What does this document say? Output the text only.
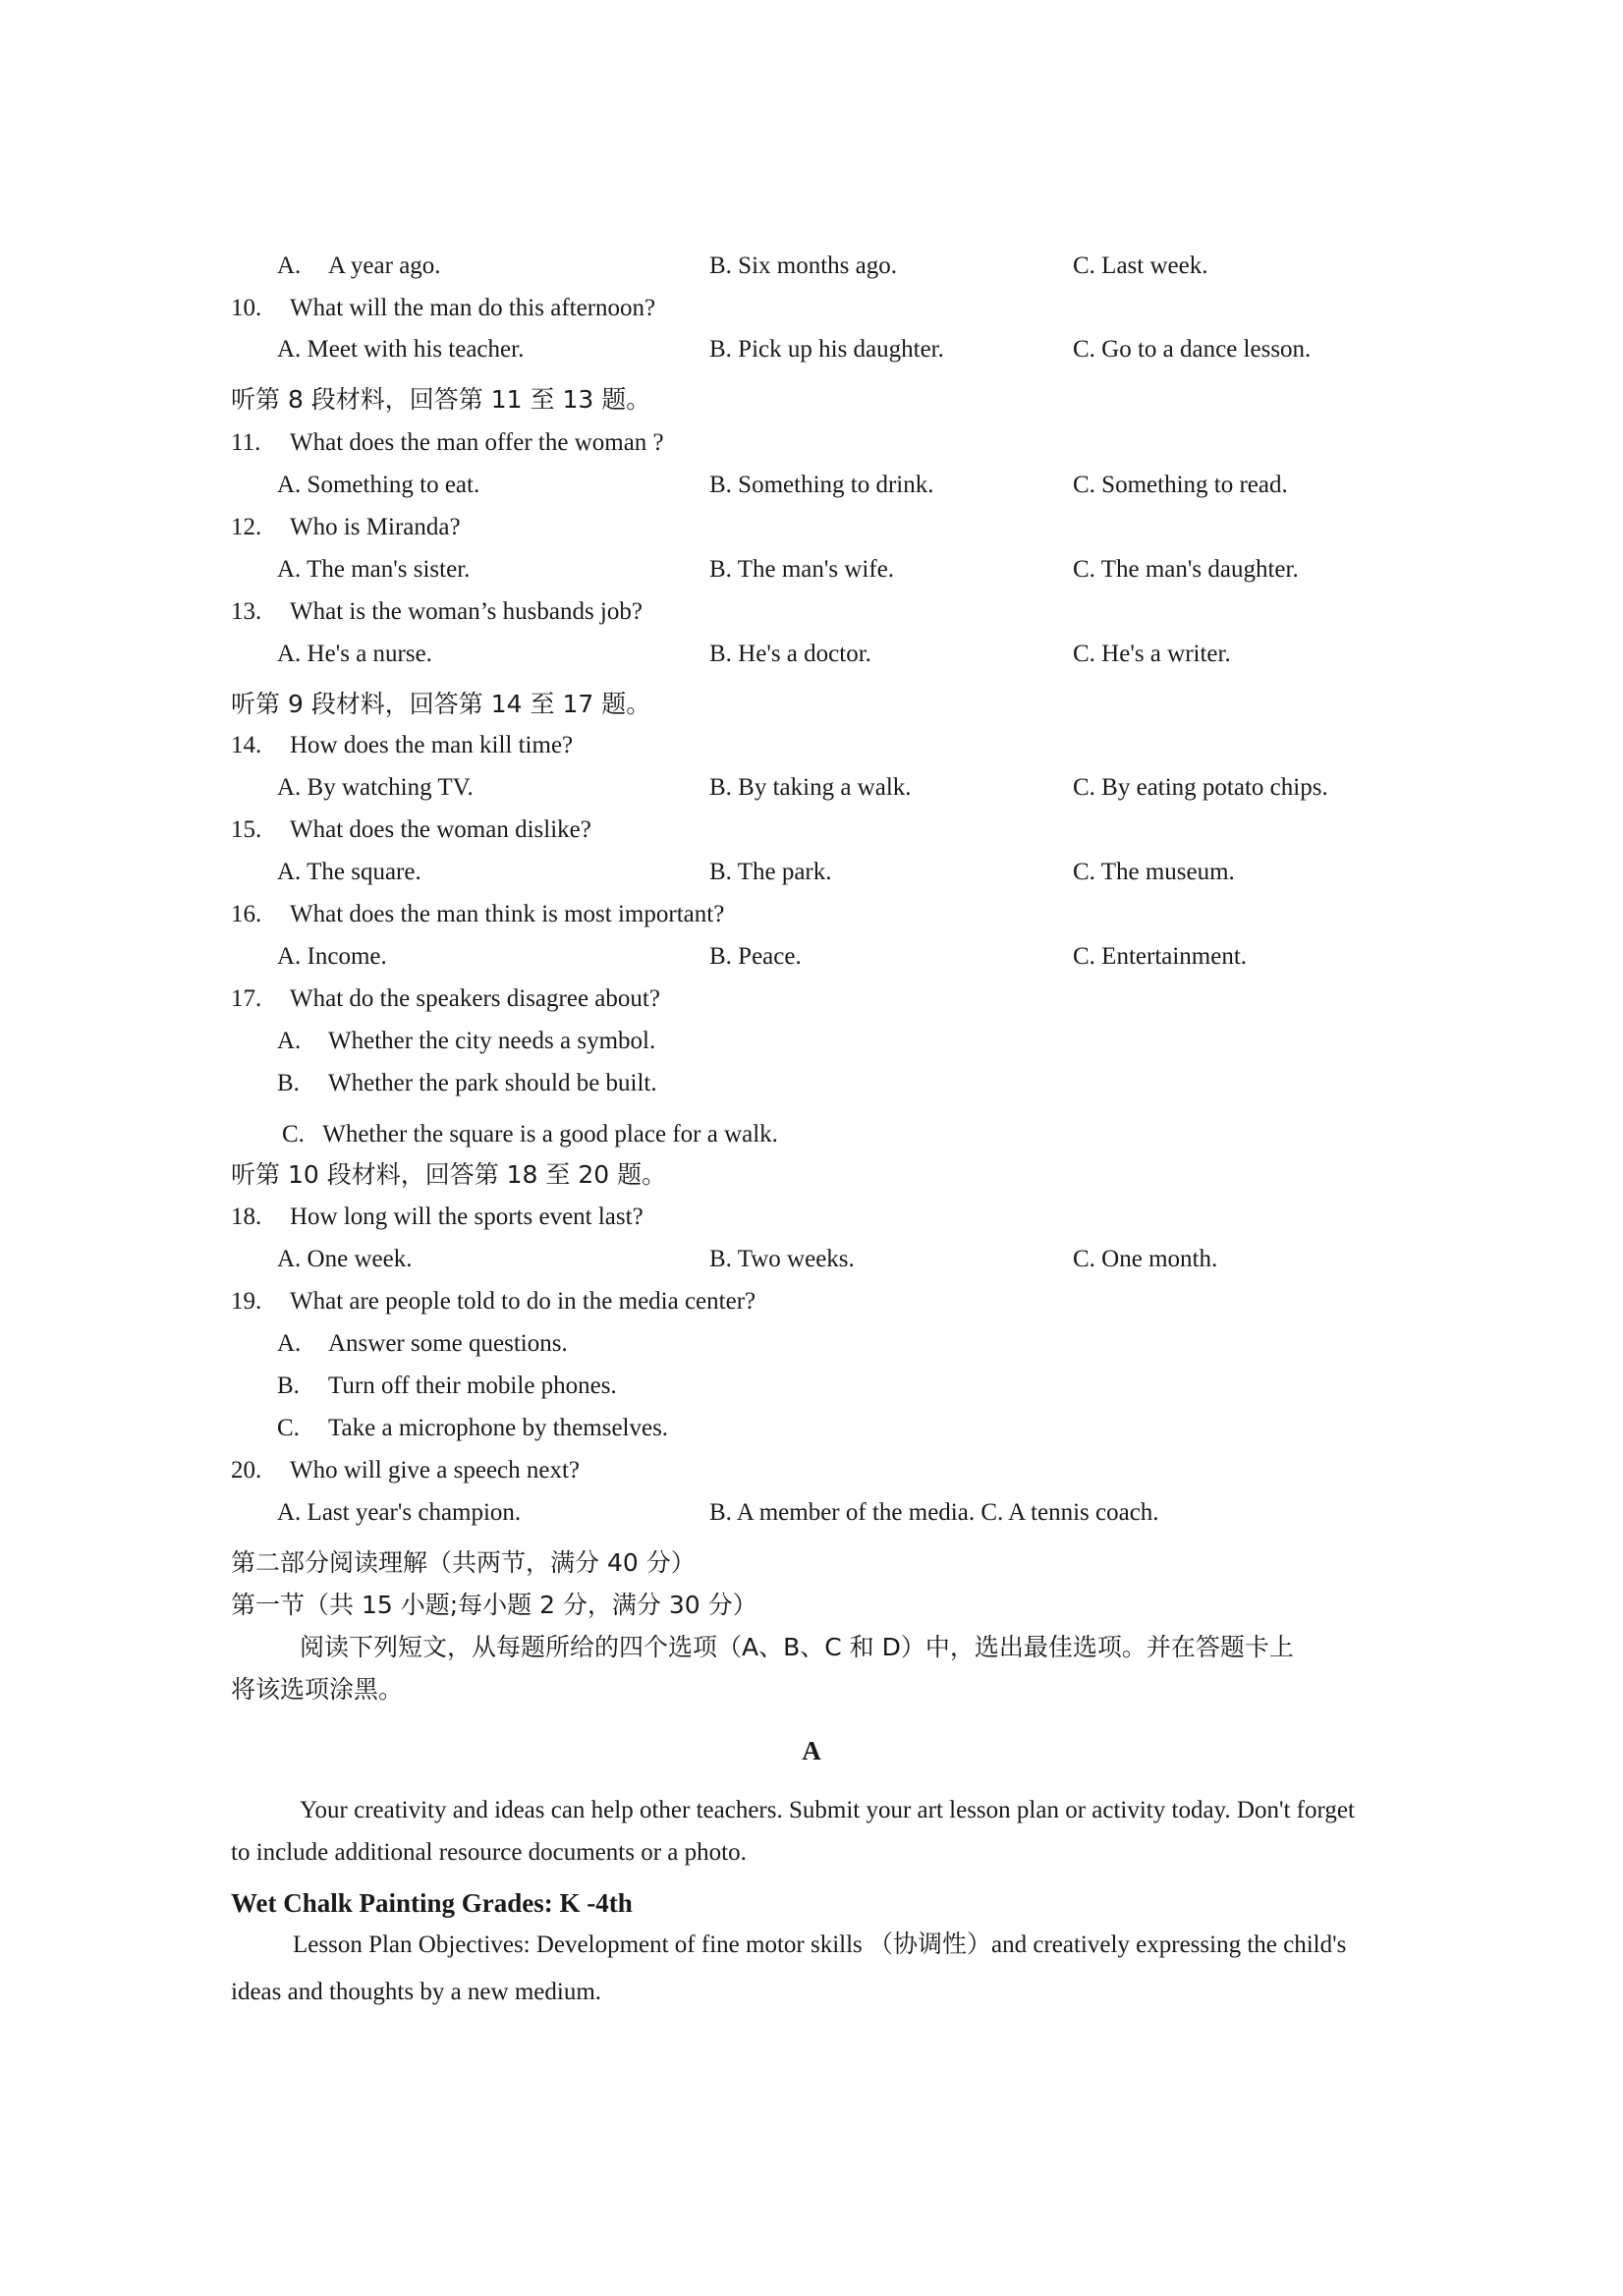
A. A year ago.	B. Six months ago.	C. Last week.
10. What will the man do this afternoon?
A. Meet with his teacher.	B. Pick up his daughter.	C. Go to a dance lesson.
听第 8 段材料，回答第 11 至 13 题。
11. What does the man offer the woman ?
A. Something to eat.	B. Something to drink.	C. Something to read.
12. Who is Miranda?
A. The man's sister.	B. The man's wife.	C. The man's daughter.
13. What is the woman’s husbands job?
A. He's a nurse.	B. He's a doctor.	C. He's a writer.
听第 9 段材料，回答第 14 至 17 题。
14. How does the man kill time?
A. By watching TV.	B. By taking a walk.	C. By eating potato chips.
15. What does the woman dislike?
A. The square.	B. The park.	C. The museum.
16. What does the man think is most important?
A. Income.	B. Peace.	C. Entertainment.
17. What do the speakers disagree about?
A. Whether the city needs a symbol.
B. Whether the park should be built.
C.   Whether the square is a good place for a walk.
听第 10 段材料，回答第 18 至 20 题。
18. How long will the sports event last?
A. One week.	B. Two weeks.	C. One month.
19. What are people told to do in the media center?
A. Answer some questions.
B. Turn off their mobile phones.
C. Take a microphone by themselves.
20. Who will give a speech next?
A. Last year's champion.	B. A member of the media. C. A tennis coach.
第二部分阅读理解（共两节，满分 40 分）
第一节（共 15 小题;每小题 2 分，满分 30 分）
阅读下列短文，从每题所给的四个选项（A、B、C 和 D）中，选出最佳选项。并在答题卡上
将该选项涂黑。
A
Your creativity and ideas can help other teachers. Submit your art lesson plan or activity today. Don't forget
to include additional resource documents or a photo.
Wet Chalk Painting Grades: K -4th
Lesson Plan Objectives: Development of fine motor skills （协调性）and creatively expressing the child's
ideas and thoughts by a new medium.
